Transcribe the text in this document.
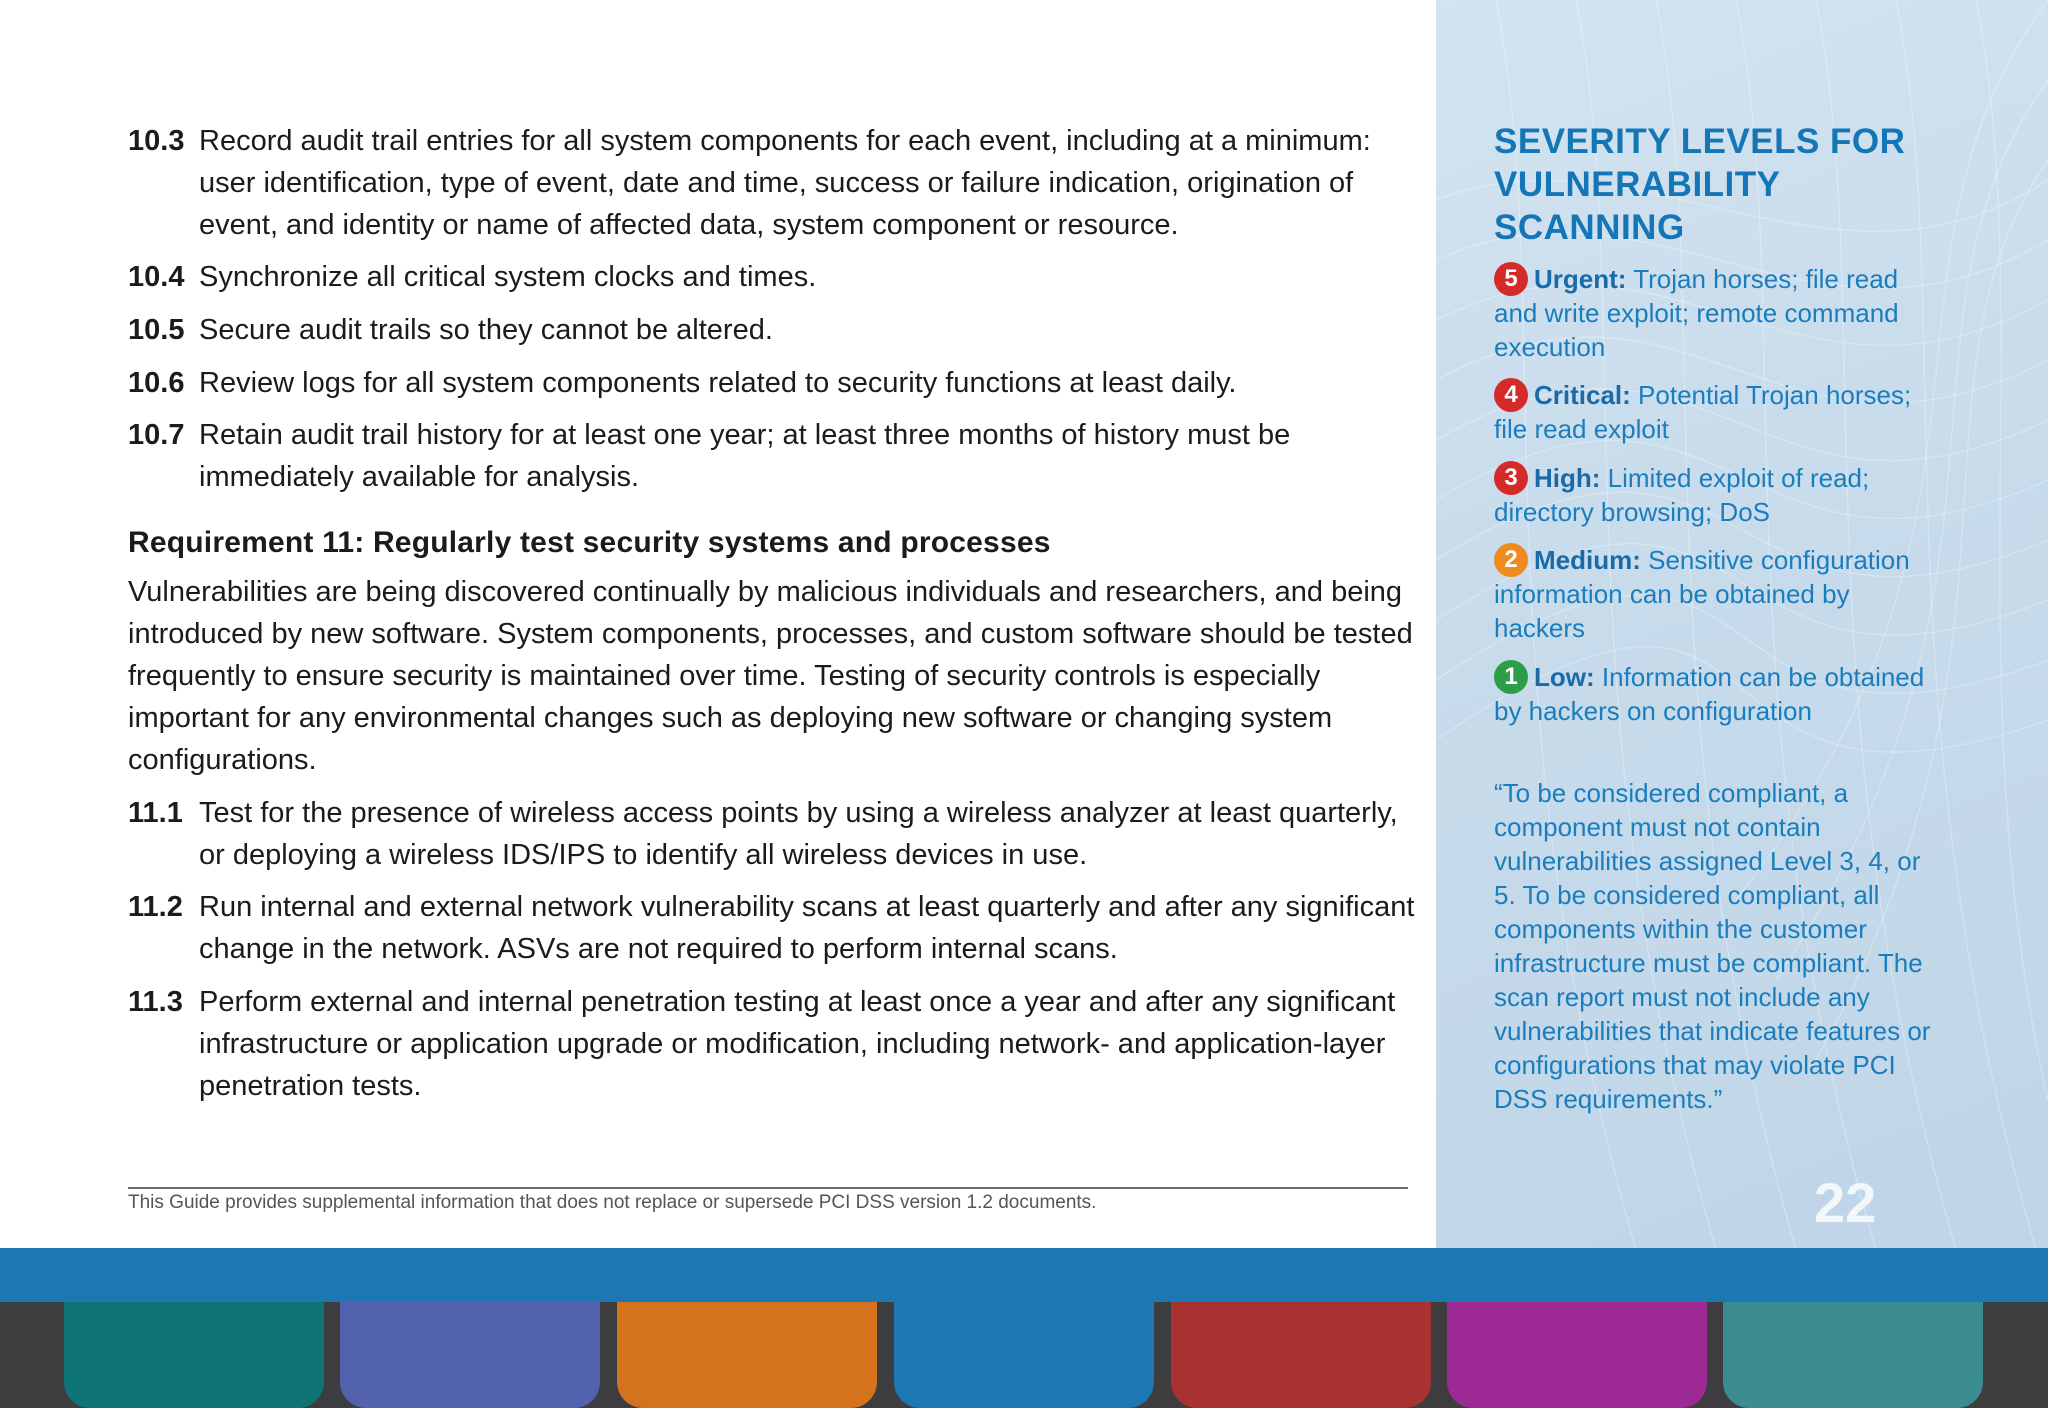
10.3 Record audit trail entries for all system components for each event, including at a minimum: user identification, type of event, date and time, success or failure indication, origination of event, and identity or name of affected data, system component or resource.
10.4 Synchronize all critical system clocks and times.
10.5 Secure audit trails so they cannot be altered.
10.6 Review logs for all system components related to security functions at least daily.
10.7 Retain audit trail history for at least one year; at least three months of history must be immediately available for analysis.
Requirement 11: Regularly test security systems and processes
Vulnerabilities are being discovered continually by malicious individuals and researchers, and being introduced by new software. System components, processes, and custom software should be tested frequently to ensure security is maintained over time. Testing of security controls is especially important for any environmental changes such as deploying new software or changing system configurations.
11.1 Test for the presence of wireless access points by using a wireless analyzer at least quarterly, or deploying a wireless IDS/IPS to identify all wireless devices in use.
11.2 Run internal and external network vulnerability scans at least quarterly and after any significant change in the network. ASVs are not required to perform internal scans.
11.3 Perform external and internal penetration testing at least once a year and after any significant infrastructure or application upgrade or modification, including network- and application-layer penetration tests.
This Guide provides supplemental information that does not replace or supersede PCI DSS version 1.2 documents.
SEVERITY LEVELS FOR VULNERABILITY SCANNING
5 Urgent: Trojan horses; file read and write exploit; remote command execution
4 Critical: Potential Trojan horses; file read exploit
3 High: Limited exploit of read; directory browsing; DoS
2 Medium: Sensitive configuration information can be obtained by hackers
1 Low: Information can be obtained by hackers on configuration
“To be considered compliant, a component must not contain vulnerabilities assigned Level 3, 4, or 5. To be considered compliant, all components within the customer infrastructure must be compliant. The scan report must not include any vulnerabilities that indicate features or configurations that may violate PCI DSS requirements.”
22
